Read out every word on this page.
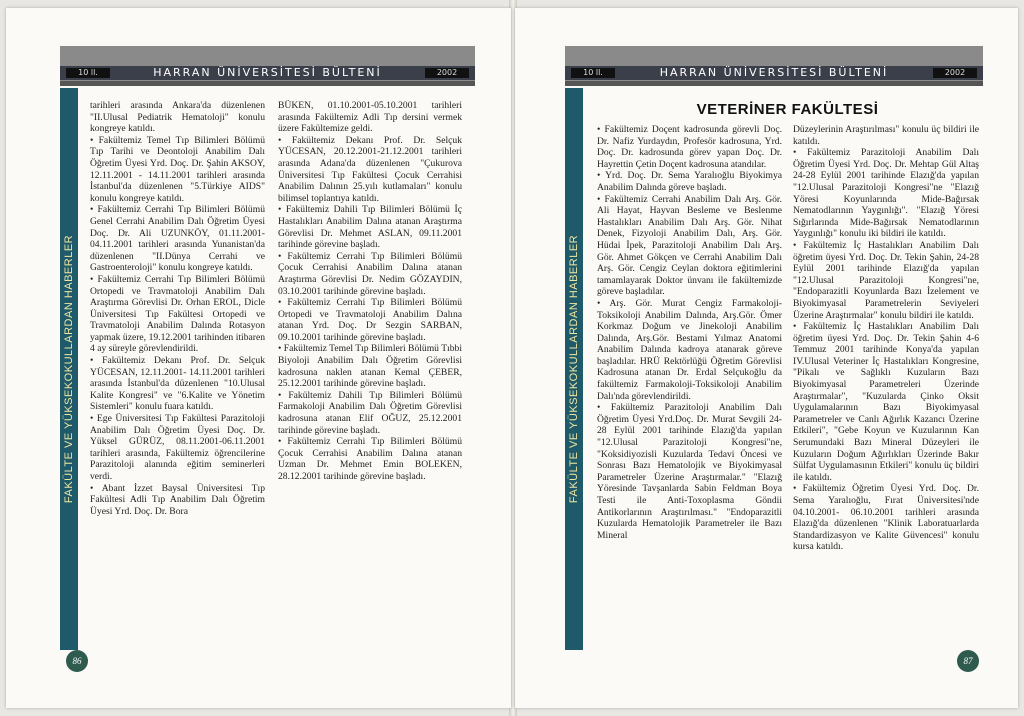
10 ll.	HARRAN ÜNİVERSİTESİ BÜLTENİ	2002
FAKÜLTE VE YÜKSEKOKULLARDAN HABERLER

tarihleri arasında Ankara'da düzenlenen "II.Ulusal Pediatrik Hematoloji" konulu kongreye katıldı.

• Fakültemiz Temel Tıp Bilimleri Bölümü Tıp Tarihi ve Deontoloji Anabilim Dalı Öğretim Üyesi Yrd. Doç. Dr. Şahin AKSOY, 12.11.2001 - 14.11.2001 tarihleri arasında İstanbul'da düzenlenen "5.Türkiye AIDS" konulu kongreye katıldı.

• Fakültemiz Cerrahi Tıp Bilimleri Bölümü Genel Cerrahi Anabilim Dalı Öğretim Üyesi Doç. Dr. Ali UZUNKÖY, 01.11.2001- 04.11.2001 tarihleri arasında Yunanistan'da düzenlenen "II.Dünya Cerrahi ve Gastroenteroloji" konulu kongreye katıldı.

• Fakültemiz Cerrahi Tıp Bilimleri Bölümü Ortopedi ve Travmatoloji Anabilim Dalı Araştırma Görevlisi Dr. Orhan EROL, Dicle Üniversitesi Tıp Fakültesi Ortopedi ve Travmatoloji Anabilim Dalında Rotasyon yapmak üzere, 19.12.2001 tarihinden itibaren 4 ay süreyle görevlendirildi.

• Fakültemiz Dekanı Prof. Dr. Selçuk YÜCESAN, 12.11.2001- 14.11.2001 tarihleri arasında İstanbul'da düzenlenen "10.Ulusal Kalite Kongresi" ve "6.Kalite ve Yönetim Sistemleri" konulu fuara katıldı.

• Ege Üniversitesi Tıp Fakültesi Parazitoloji Anabilim Dalı Öğretim Üyesi Doç. Dr. Yüksel GÜRÜZ, 08.11.2001-06.11.2001 tarihleri arasında, Fakültemiz öğrencilerine Parazitoloji alanında eğitim seminerleri verdi.

• Abant İzzet Baysal Üniversitesi Tıp Fakültesi Adli Tıp Anabilim Dalı Öğretim Üyesi Yrd. Doç. Dr. Bora

BÜKEN, 01.10.2001-05.10.2001 tarihleri arasında Fakültemiz Adli Tıp dersini vermek üzere Fakültemize geldi.

• Fakültemiz Dekanı Prof. Dr. Selçuk YÜCESAN, 20.12.2001-21.12.2001 tarihleri arasında Adana'da düzenlenen "Çukurova Üniversitesi Tıp Fakültesi Çocuk Cerrahisi Anabilim Dalının 25.yılı kutlamaları" konulu bilimsel toplantıya katıldı.

• Fakültemiz Dahili Tıp Bilimleri Bölümü İç Hastalıkları Anabilim Dalına atanan Araştırma Görevlisi Dr. Mehmet ASLAN, 09.11.2001 tarihinde görevine başladı.

• Fakültemiz Cerrahi Tıp Bilimleri Bölümü Çocuk Cerrahisi Anabilim Dalına atanan Araştırma Görevlisi Dr. Nedim GÖZAYDIN, 03.10.2001 tarihinde görevine başladı.

• Fakültemiz Cerrahi Tıp Bilimleri Bölümü Ortopedi ve Travmatoloji Anabilim Dalına atanan Yrd. Doç. Dr Sezgin SARBAN, 09.10.2001 tarihinde görevine başladı.

• Fakültemiz Temel Tıp Bilimleri Bölümü Tıbbi Biyoloji Anabilim Dalı Öğretim Görevlisi kadrosuna naklen atanan Kemal ÇEBER, 25.12.2001 tarihinde görevine başladı.

• Fakültemiz Dahili Tıp Bilimleri Bölümü Farmakoloji Anabilim Dalı Öğretim Görevlisi kadrosuna atanan Elif OĞUZ, 25.12.2001 tarihinde görevine başladı.

• Fakültemiz Cerrahi Tıp Bilimleri Bölümü Çocuk Cerrahisi Anabilim Dalına atanan Uzman Dr. Mehmet Emin BOLEKEN, 28.12.2001 tarihinde görevine başladı.

86
10 ll.	HARRAN ÜNİVERSİTESİ BÜLTENİ	2002
FAKÜLTE VE YÜKSEKOKULLARDAN HABERLER
VETERİNER FAKÜLTESİ

• Fakültemiz Doçent kadrosunda görevli Doç. Dr. Nafiz Yurdaydın, Profesör kadrosuna, Yrd. Doç. Dr. kadrosunda görev yapan Doç. Dr. Hayrettin Çetin Doçent kadrosuna atandılar.

• Yrd. Doç. Dr. Sema Yaralıoğlu Biyokimya Anabilim Dalında göreve başladı.

• Fakültemiz Cerrahi Anabilim Dalı Arş. Gör. Ali Hayat, Hayvan Besleme ve Beslenme Hastalıkları Anabilim Dalı Arş. Gör. Nihat Denek, Fizyoloji Anabilim Dalı, Arş. Gör. Hüdai İpek, Parazitoloji Anabilim Dalı Arş. Gör. Ahmet Gökçen ve Cerrahi Anabilim Dalı Arş. Gör. Cengiz Ceylan doktora eğitimlerini tamamlayarak Doktor ünvanı ile fakültemizde göreve başladılar.

• Arş. Gör. Murat Cengiz Farmakoloji-Toksikoloji Anabilim Dalında, Arş.Gör. Ömer Korkmaz Doğum ve Jinekoloji Anabilim Dalında, Arş.Gör. Bestami Yılmaz Anatomi Anabilim Dalında kadroya atanarak göreve başladılar. HRÜ Rektörlüğü Öğretim Görevlisi Kadrosuna atanan Dr. Erdal Selçukoğlu da fakültemiz Farmakoloji-Toksikoloji Anabilim Dalı'nda görevlendirildi.

• Fakültemiz Parazitoloji Anabilim Dalı Öğretim Üyesi Yrd.Doç. Dr. Murat Sevgili 24-28 Eylül 2001 tarihinde Elazığ'da yapılan "12.Ulusal Parazitoloji Kongresi"ne, "Koksidiyozisli Kuzularda Tedavi Öncesi ve Sonrası Bazı Hematolojik ve Biyokimyasal Parametreler Üzerine Araştırmalar." "Elazığ Yöresinde Tavşanlarda Sabin Feldman Boya Testi ile Anti-Toxoplasma Göndii Antikorlarının Araştırılması." "Endoparazitli Kuzularda Hematolojik Parametreler ile Bazı Mineral

Düzeylerinin Araştırılması" konulu üç bildiri ile katıldı.

• Fakültemiz Parazitoloji Anabilim Dalı Öğretim Üyesi Yrd. Doç. Dr. Mehtap Gül Altaş 24-28 Eylül 2001 tarihinde Elazığ'da yapılan "12.Ulusal Parazitoloji Kongresi"ne "Elazığ Yöresi Koyunlarında Mide-Bağırsak Nematodlarının Yaygınlığı". "Elazığ Yöresi Sığırlarında Mide-Bağırsak Nematodlarının Yaygınlığı" konulu iki bildiri ile katıldı.

• Fakültemiz İç Hastalıkları Anabilim Dalı öğretim üyesi Yrd. Doç. Dr. Tekin Şahin, 24-28 Eylül 2001 tarihinde Elazığ'da yapılan "12.Ulusal Parazitoloji Kongresi"ne, "Endoparazitli Koyunlarda Bazı İzelement ve Biyokimyasal Parametrelerin Seviyeleri Üzerine Araştırmalar" konulu bildiri ile katıldı.

• Fakültemiz İç Hastalıkları Anabilim Dalı öğretim üyesi Yrd. Doç. Dr. Tekin Şahin 4-6 Temmuz 2001 tarihinde Konya'da yapılan IV.Ulusal Veteriner İç Hastalıkları Kongresine, "Pikalı ve Sağlıklı Kuzuların Bazı Biyokimyasal Parametreleri Üzerinde Araştırmalar", "Kuzularda Çinko Oksit Uygulamalarının Bazı Biyokimyasal Parametreler ve Canlı Ağırlık Kazancı Üzerine Etkileri", "Gebe Koyun ve Kuzularının Kan Serumundaki Bazı Mineral Düzeyleri ile Kuzuların Doğum Ağırlıkları Üzerinde Bakır Sülfat Uygulamasının Etkileri" konulu üç bildiri ile katıldı.

• Fakültemiz Öğretim Üyesi Yrd. Doç. Dr. Sema Yaralıoğlu, Fırat Üniversitesi'nde 04.10.2001- 06.10.2001 tarihleri arasında Elazığ'da düzenlenen "Klinik Laboratuarlarda Standardizasyon ve Kalite Güvencesi" konulu kursa katıldı.

87
